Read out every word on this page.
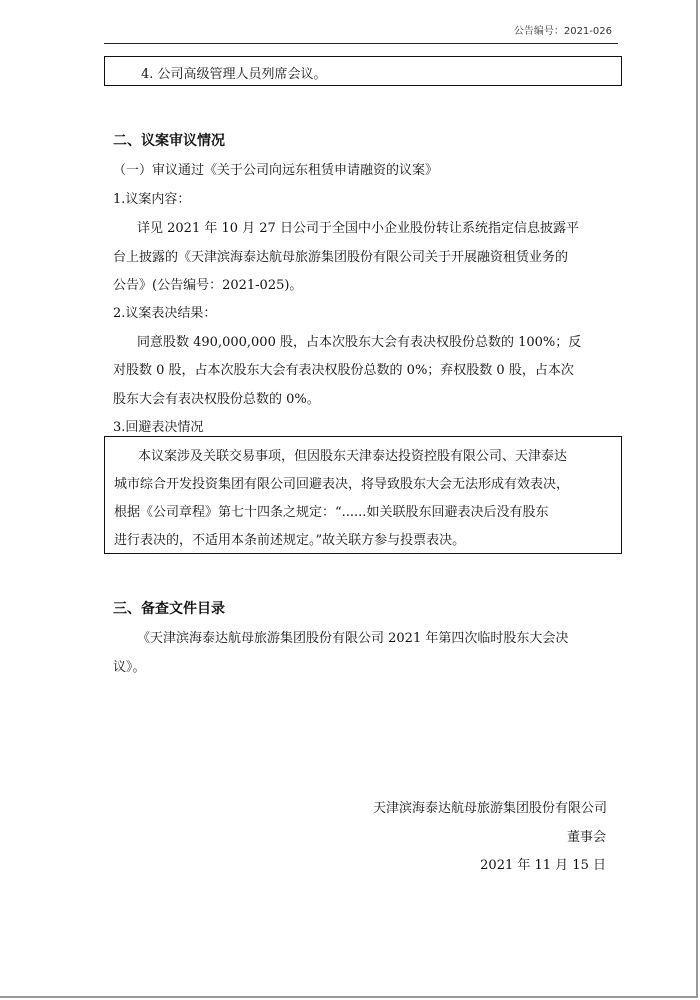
公告编号：2021-026
4. 公司高级管理人员列席会议。
二、议案审议情况
（一）审议通过《关于公司向远东租赁申请融资的议案》
1.议案内容：
详见 2021 年 10 月 27 日公司于全国中小企业股份转让系统指定信息披露平
台上披露的《天津滨海泰达航母旅游集团股份有限公司关于开展融资租赁业务的
公告》(公告编号：2021-025)。
2.议案表决结果：
同意股数 490,000,000 股，占本次股东大会有表决权股份总数的 100%；反
对股数 0 股，占本次股东大会有表决权股份总数的 0%；弃权股数 0 股，占本次
股东大会有表决权股份总数的 0%。
3.回避表决情况
本议案涉及关联交易事项，但因股东天津泰达投资控股有限公司、天津泰达
城市综合开发投资集团有限公司回避表决，将导致股东大会无法形成有效表决，
根据《公司章程》第七十四条之规定：“......如关联股东回避表决后没有股东
进行表决的，不适用本条前述规定。”故关联方参与投票表决。
三、备查文件目录
《天津滨海泰达航母旅游集团股份有限公司 2021 年第四次临时股东大会决
议》。
天津滨海泰达航母旅游集团股份有限公司
董事会
2021 年 11 月 15 日
